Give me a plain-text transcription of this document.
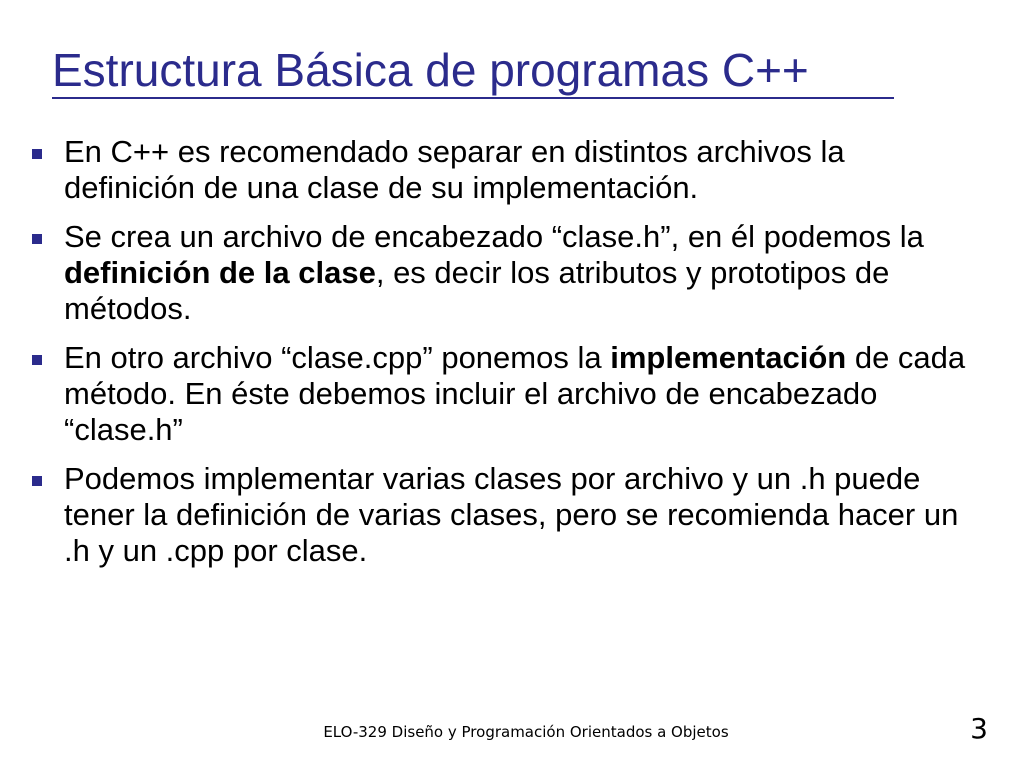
Estructura Básica de programas C++
En C++ es recomendado separar en distintos archivos la definición de una clase de su implementación.
Se crea un archivo de encabezado “clase.h”, en él podemos la definición de la clase, es decir los atributos y prototipos de métodos.
En otro archivo “clase.cpp” ponemos la implementación de cada método. En éste debemos incluir el archivo de encabezado “clase.h”
Podemos implementar varias clases por archivo y un .h puede tener la definición de varias clases, pero se recomienda hacer un .h y un .cpp por clase.
ELO-329 Diseño y Programación Orientados a Objetos	3
